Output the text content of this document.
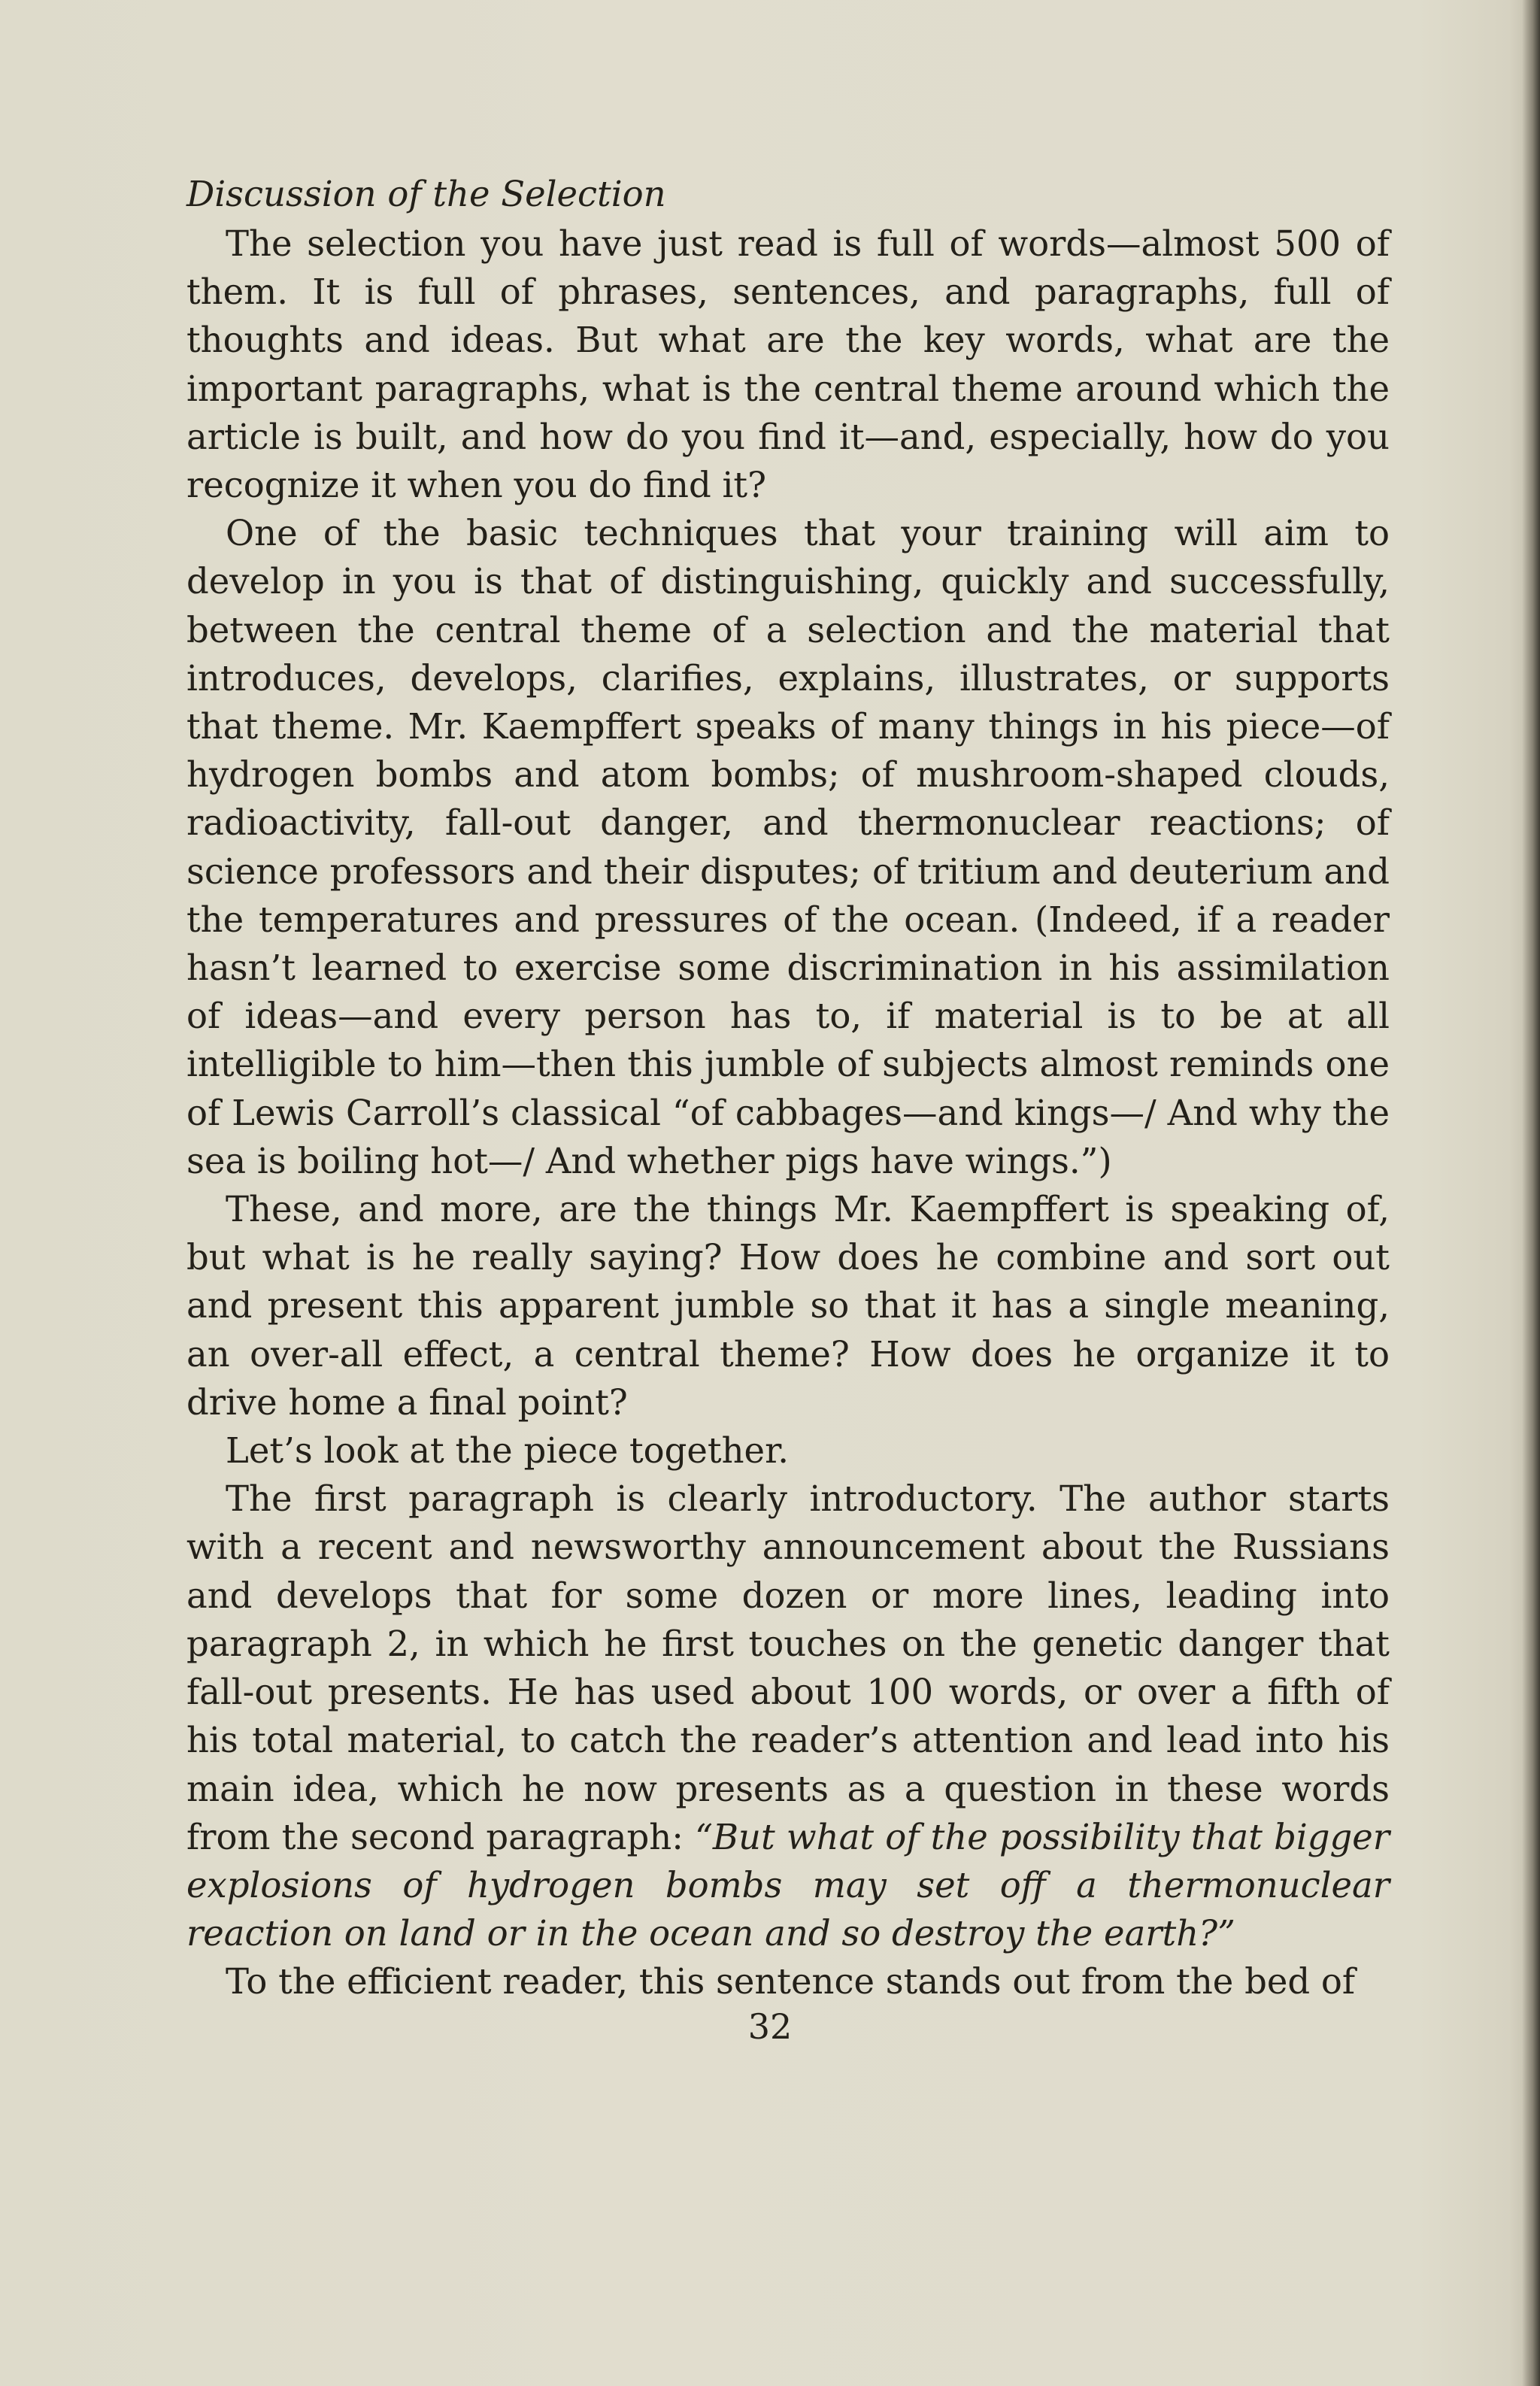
Discussion of the Selection

The selection you have just read is full of words—almost 500 of them. It is full of phrases, sentences, and paragraphs, full of thoughts and ideas. But what are the key words, what are the important paragraphs, what is the central theme around which the article is built, and how do you find it—and, especially, how do you recognize it when you do find it?

One of the basic techniques that your training will aim to develop in you is that of distinguishing, quickly and successfully, between the central theme of a selection and the material that introduces, develops, clarifies, explains, illustrates, or supports that theme. Mr. Kaempffert speaks of many things in his piece—of hydrogen bombs and atom bombs; of mushroom-shaped clouds, radioactivity, fall-out danger, and thermonuclear reactions; of science professors and their disputes; of tritium and deuterium and the temperatures and pressures of the ocean. (Indeed, if a reader hasn’t learned to exercise some discrimination in his assimilation of ideas—and every person has to, if material is to be at all intelligible to him—then this jumble of subjects almost reminds one of Lewis Carroll’s classical “of cabbages—and kings—/ And why the sea is boiling hot—/ And whether pigs have wings.”)

These, and more, are the things Mr. Kaempffert is speaking of, but what is he really saying? How does he combine and sort out and present this apparent jumble so that it has a single meaning, an over-all effect, a central theme? How does he organize it to drive home a final point?

Let’s look at the piece together.

The first paragraph is clearly introductory. The author starts with a recent and newsworthy announcement about the Russians and develops that for some dozen or more lines, leading into paragraph 2, in which he first touches on the genetic danger that fall-out presents. He has used about 100 words, or over a fifth of his total material, to catch the reader’s attention and lead into his main idea, which he now presents as a question in these words from the second paragraph: “But what of the possibility that bigger explosions of hydrogen bombs may set off a thermonuclear reaction on land or in the ocean and so destroy the earth?”

To the efficient reader, this sentence stands out from the bed of

32
